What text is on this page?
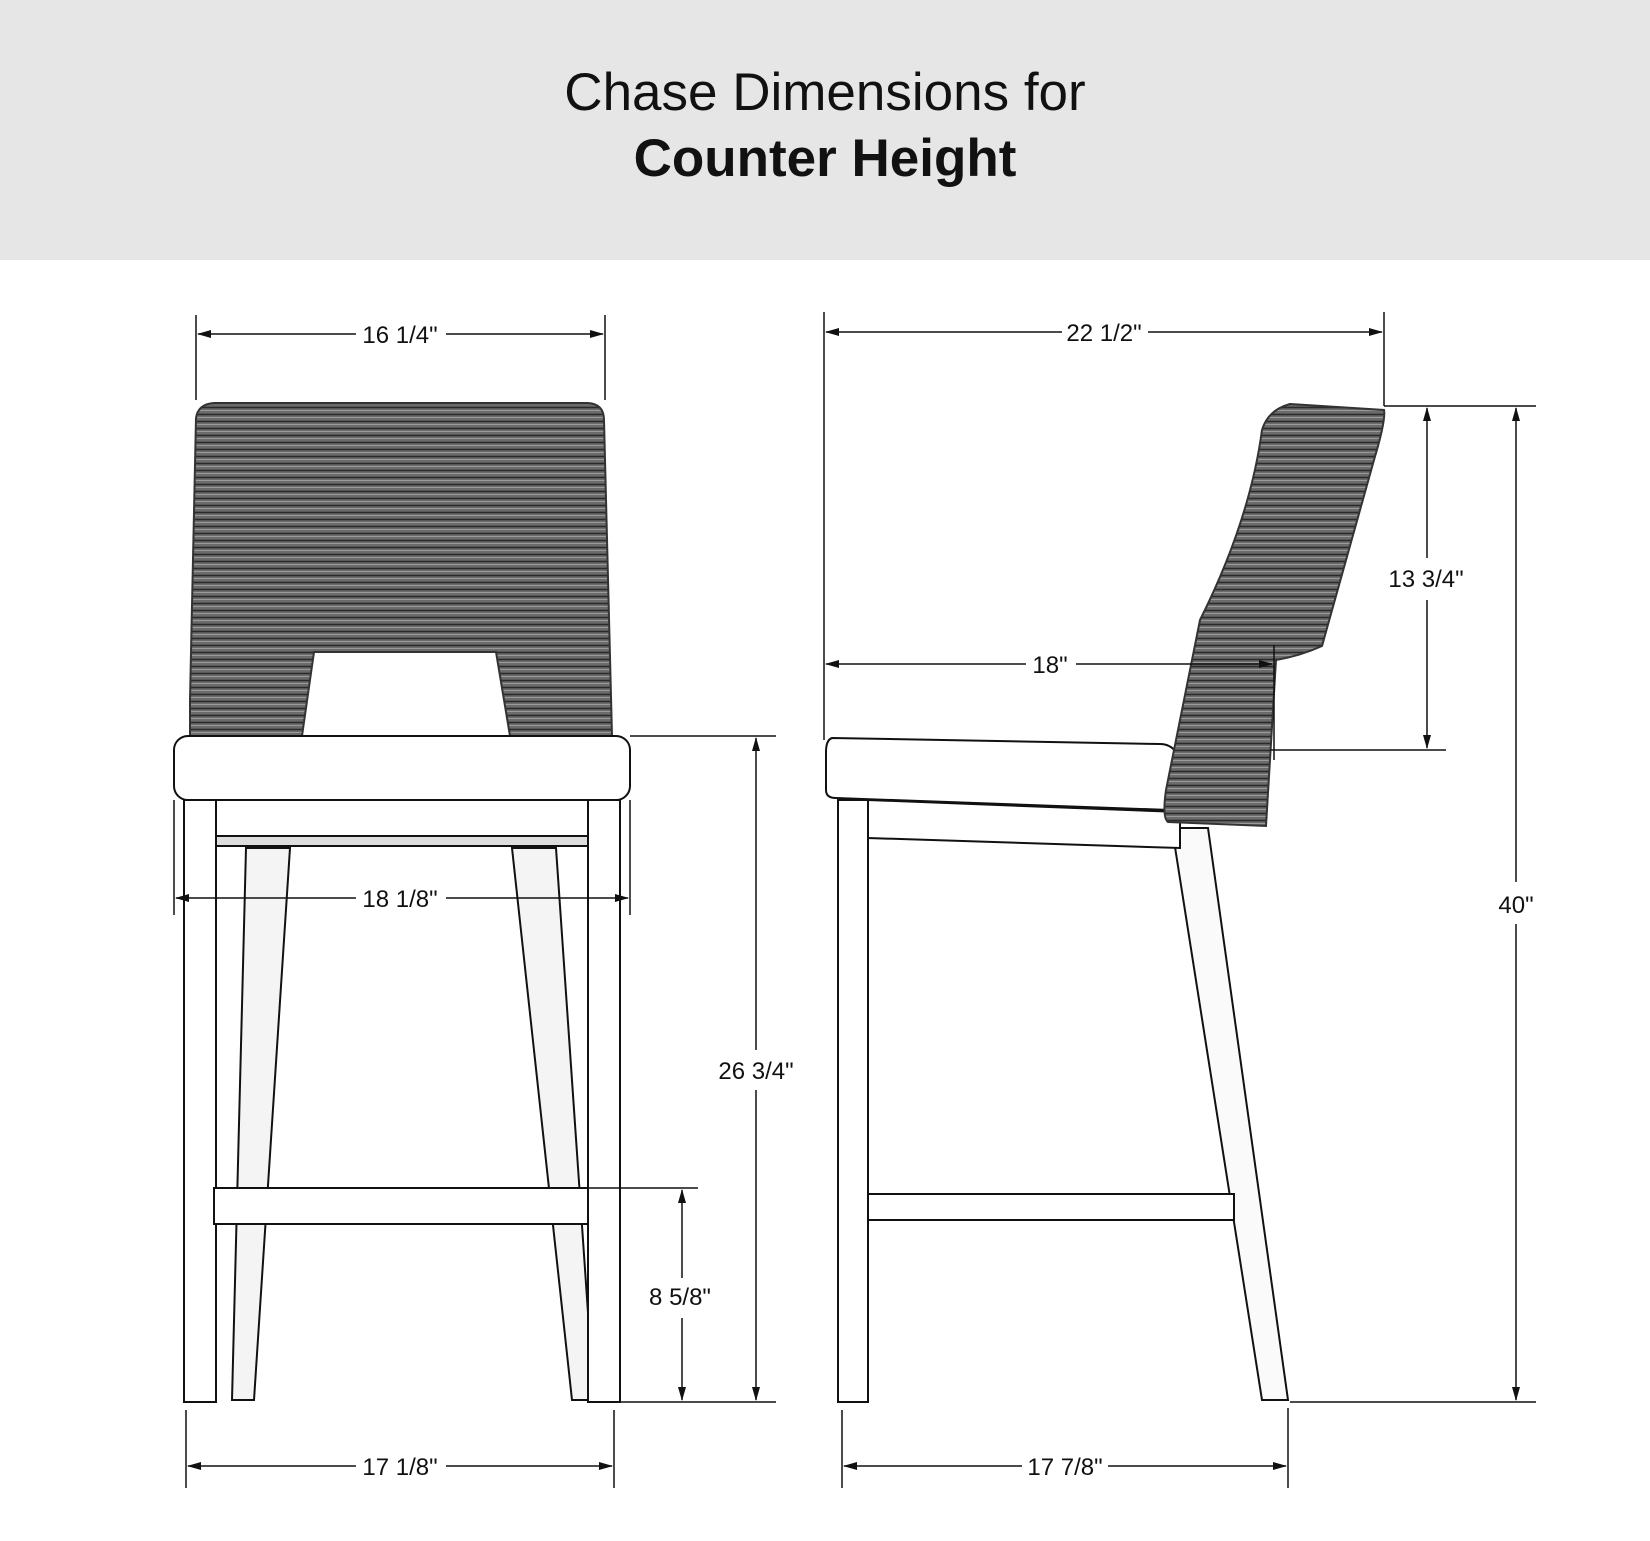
Chase Dimensions for
Counter Height
16 1/4"
18 1/8"
26 3/4"
8 5/8"
17 1/8"
22 1/2"
18"
13 3/4"
40"
17 7/8"
